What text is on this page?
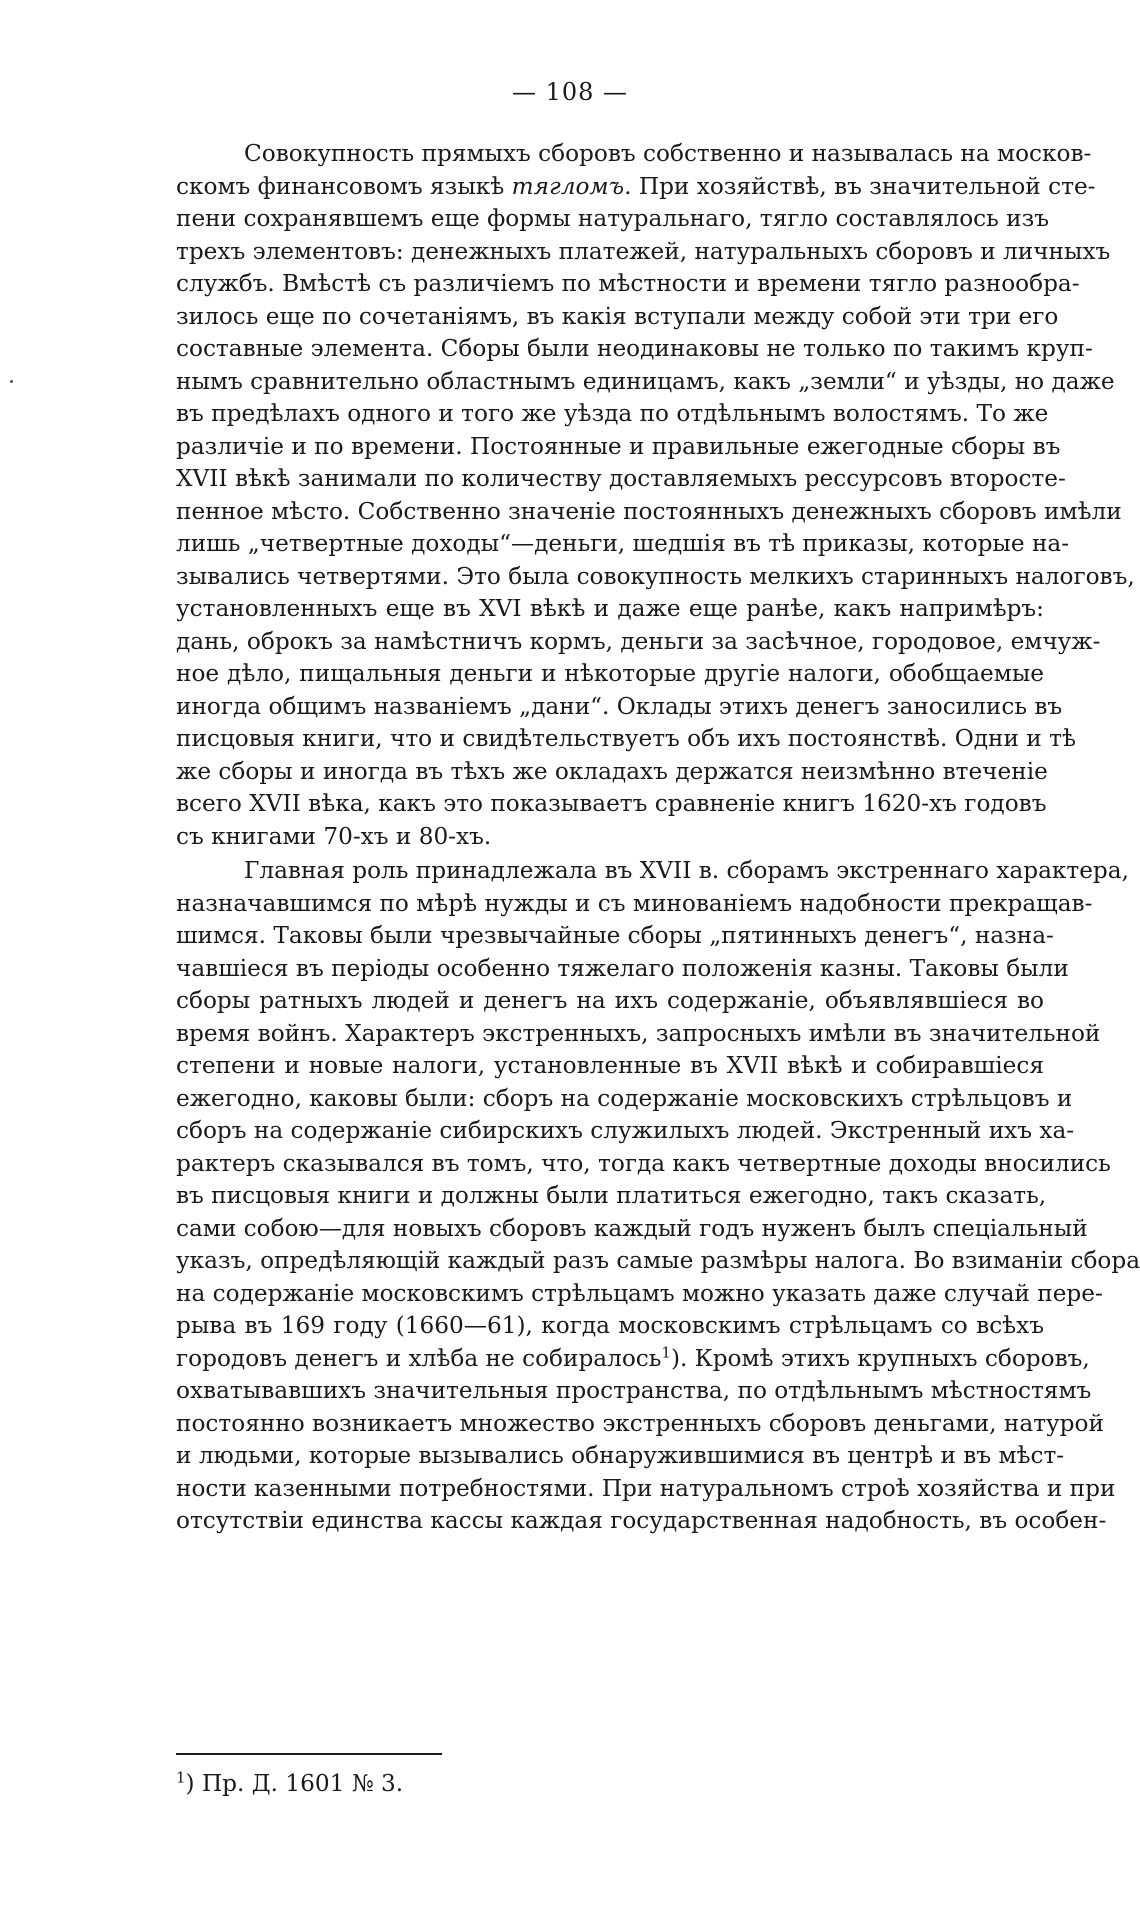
— 108 —
Совокупность прямыхъ сборовъ собственно и называлась на москов-
скомъ финансовомъ языкѣ тягломъ. При хозяйствѣ, въ значительной сте-
пени сохранявшемъ еще формы натуральнаго, тягло составлялось изъ
трехъ элементовъ: денежныхъ платежей, натуральныхъ сборовъ и личныхъ
службъ. Вмѣстѣ съ различіемъ по мѣстности и времени тягло разнообра-
зилось еще по сочетаніямъ, въ какія вступали между собой эти три его
составные элемента. Сборы были неодинаковы не только по такимъ круп-
нымъ сравнительно областнымъ единицамъ, какъ „земли“ и уѣзды, но даже
въ предѣлахъ одного и того же уѣзда по отдѣльнымъ волостямъ. То же
различіе и по времени. Постоянные и правильные ежегодные сборы въ
XVII вѣкѣ занимали по количеству доставляемыхъ рессурсовъ второсте-
пенное мѣсто. Собственно значеніе постоянныхъ денежныхъ сборовъ имѣли
лишь „четвертные доходы“—деньги, шедшія въ тѣ приказы, которые на-
зывались четвертями. Это была совокупность мелкихъ старинныхъ налоговъ,
установленныхъ еще въ XVI вѣкѣ и даже еще ранѣе, какъ напримѣръ:
дань, оброкъ за намѣстничъ кормъ, деньги за засѣчное, городовое, емчуж-
ное дѣло, пищальныя деньги и нѣкоторые другіе налоги, обобщаемые
иногда общимъ названіемъ „дани“. Оклады этихъ денегъ заносились въ
писцовыя книги, что и свидѣтельствуетъ объ ихъ постоянствѣ. Одни и тѣ
же сборы и иногда въ тѣхъ же окладахъ держатся неизмѣнно втеченіе
всего XVII вѣка, какъ это показываетъ сравненіе книгъ 1620-хъ годовъ
съ книгами 70-хъ и 80-хъ.
Главная роль принадлежала въ XVII в. сборамъ экстреннаго характера,
назначавшимся по мѣрѣ нужды и съ минованіемъ надобности прекращав-
шимся. Таковы были чрезвычайные сборы „пятинныхъ денегъ“, назна-
чавшіеся въ періоды особенно тяжелаго положенія казны. Таковы были
сборы ратныхъ людей и денегъ на ихъ содержаніе, объявлявшіеся во
время войнъ. Характеръ экстренныхъ, запросныхъ имѣли въ значительной
степени и новые налоги, установленные въ XVII вѣкѣ и собиравшіеся
ежегодно, каковы были: сборъ на содержаніе московскихъ стрѣльцовъ и
сборъ на содержаніе сибирскихъ служилыхъ людей. Экстренный ихъ ха-
рактеръ сказывался въ томъ, что, тогда какъ четвертные доходы вносились
въ писцовыя книги и должны были платиться ежегодно, такъ сказать,
сами собою—для новыхъ сборовъ каждый годъ нуженъ былъ спеціальный
указъ, опредѣляющій каждый разъ самые размѣры налога. Во взиманіи сбора
на содержаніе московскимъ стрѣльцамъ можно указать даже случай пере-
рыва въ 169 году (1660—61), когда московскимъ стрѣльцамъ со всѣхъ
городовъ денегъ и хлѣба не собиралось$^1$). Кромѣ этихъ крупныхъ сборовъ,
охватывавшихъ значительныя пространства, по отдѣльнымъ мѣстностямъ
постоянно возникаетъ множество экстренныхъ сборовъ деньгами, натурой
и людьми, которые вызывались обнаружившимися въ центрѣ и въ мѣст-
ности казенными потребностями. При натуральномъ строѣ хозяйства и при
отсутствіи единства кассы каждая государственная надобность, въ особен-
$^1$) Пр. Д. 1601 № 3.
